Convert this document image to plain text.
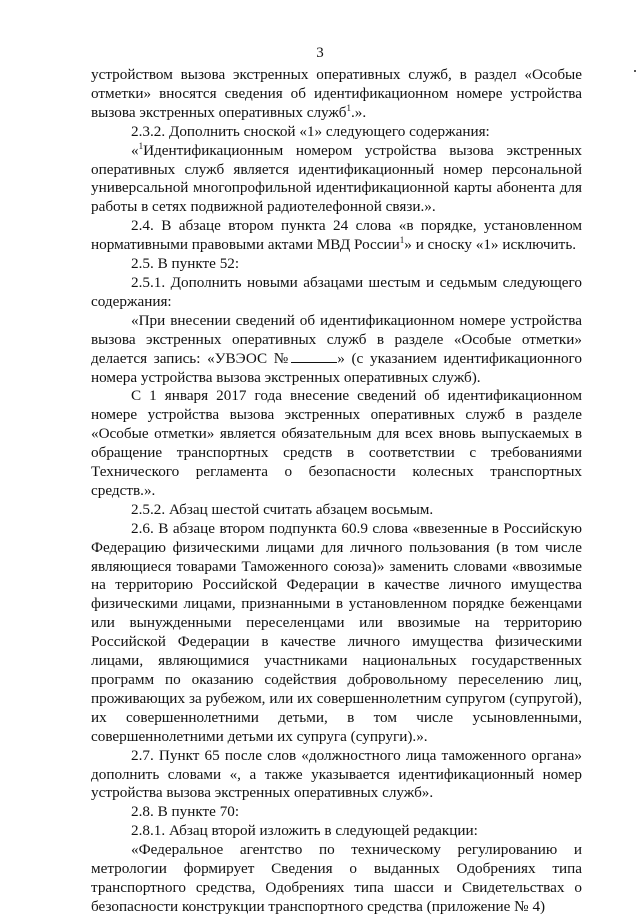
3

устройством вызова экстренных оперативных служб, в раздел «Особые отметки» вносятся сведения об идентификационном номере устройства вызова экстренных оперативных служб$^1$.».

2.3.2. Дополнить сноской «1» следующего содержания:

«$^1$Идентификационным номером устройства вызова экстренных оперативных служб является идентификационный номер персональной универсальной многопрофильной идентификационной карты абонента для работы в сетях подвижной радиотелефонной связи.».

2.4. В абзаце втором пункта 24 слова «в порядке, установленном нормативными правовыми актами МВД России$^1$» и сноску «1» исключить.

2.5. В пункте 52:

2.5.1. Дополнить новыми абзацами шестым и седьмым следующего содержания:

«При внесении сведений об идентификационном номере устройства вызова экстренных оперативных служб в разделе «Особые отметки» делается запись: «УВЭОС №	» (с указанием идентификационного номера устройства вызова экстренных оперативных служб).

С 1 января 2017 года внесение сведений об идентификационном номере устройства вызова экстренных оперативных служб в разделе «Особые отметки» является обязательным для всех вновь выпускаемых в обращение транспортных средств в соответствии с требованиями Технического регламента о безопасности колесных транспортных средств.».

2.5.2. Абзац шестой считать абзацем восьмым.

2.6. В абзаце втором подпункта 60.9 слова «ввезенные в Российскую Федерацию физическими лицами для личного пользования (в том числе являющиеся товарами Таможенного союза)» заменить словами «ввозимые на территорию Российской Федерации в качестве личного имущества физическими лицами, признанными в установленном порядке беженцами или вынужденными переселенцами или ввозимые на территорию Российской Федерации в качестве личного имущества физическими лицами, являющимися участниками национальных государственных программ по оказанию содействия добровольному переселению лиц, проживающих за рубежом, или их совершеннолетним супругом (супругой), их совершеннолетними детьми, в том числе усыновленными, совершеннолетними детьми их супруга (супруги).».

2.7. Пункт 65 после слов «должностного лица таможенного органа» дополнить словами «, а также указывается идентификационный номер устройства вызова экстренных оперативных служб».

2.8. В пункте 70:

2.8.1. Абзац второй изложить в следующей редакции:

«Федеральное агентство по техническому регулированию и метрологии формирует Сведения о выданных Одобрениях типа транспортного средства, Одобрениях типа шасси и Свидетельствах о безопасности конструкции транспортного средства (приложение № 4)
